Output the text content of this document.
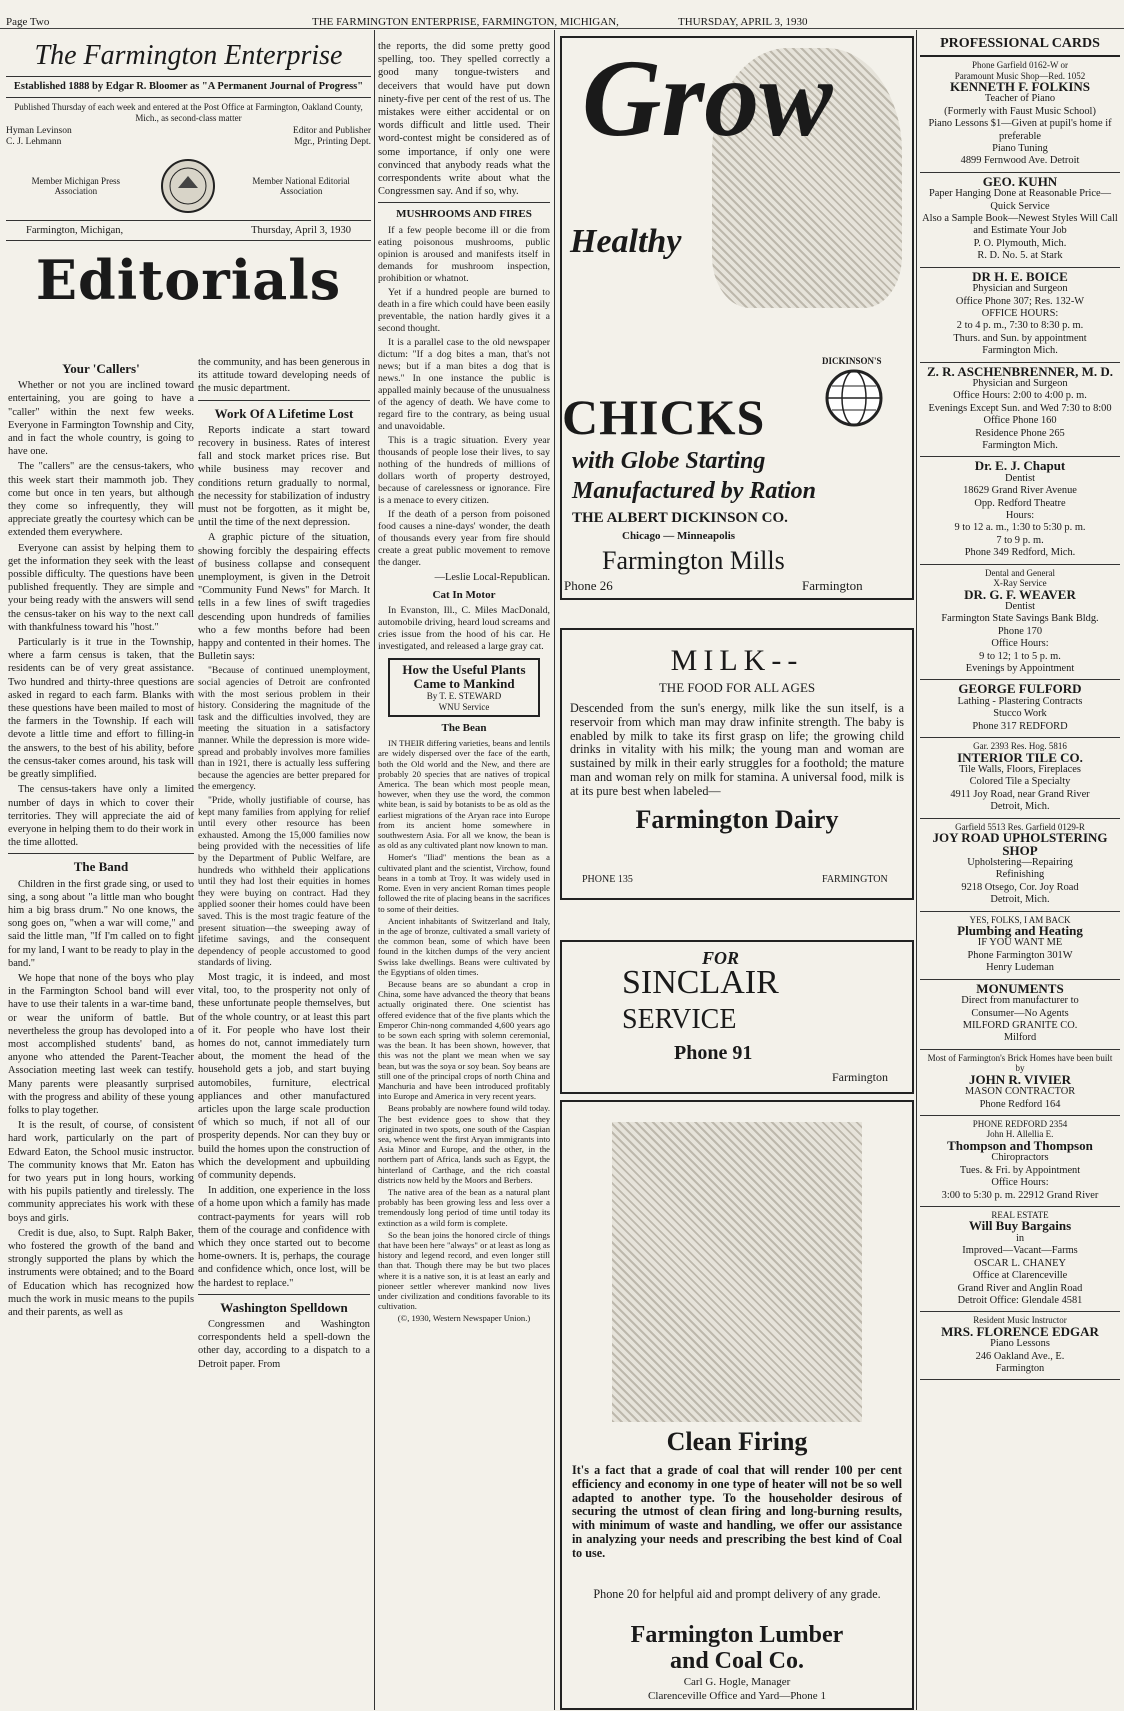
Page Two	THE FARMINGTON ENTERPRISE, FARMINGTON, MICHIGAN,	THURSDAY, APRIL 3, 1930
The Farmington Enterprise
Established 1888 by Edgar R. Bloomer as "A Permanent Journal of Progress"
Published Thursday of each week and entered at the Post Office at Farmington, Oakland County, Mich., as second-class matter
Hyman Levinson	Editor and Publisher
C. J. Lehmann	Mgr., Printing Dept.
Member Michigan Press Association
Member National Editorial Association
Farmington, Michigan,	Thursday, April 3, 1930
Editorials
Your 'Callers'

Whether or not you are inclined toward entertaining, you are going to have a "caller" within the next few weeks. Everyone in Farmington Township and City, and in fact the whole country, is going to have one.

The "callers" are the census-takers, who this week start their mammoth job. They come but once in ten years, but although they come so infrequently, they will appreciate greatly the courtesy which can be extended them everywhere.

Everyone can assist by helping them to get the information they seek with the least possible difficulty. The questions have been published frequently. They are simple and your being ready with the answers will send the census-taker on his way to the next call with thankfulness toward his "host."

Particularly is it true in the Township, where a farm census is taken, that the residents can be of very great assistance. Two hundred and thirty-three questions are asked in regard to each farm. Blanks with these questions have been mailed to most of the farmers in the Township. If each will devote a little time and effort to filling-in the answers, to the best of his ability, before the census-taker comes around, his task will be greatly simplified.

The census-takers have only a limited number of days in which to cover their territories. They will appreciate the aid of everyone in helping them to do their work in the time allotted.

The Band

Children in the first grade sing, or used to sing, a song about "a little man who bought him a big brass drum." No one knows, the song goes on, "when a war will come," and said the little man, "If I'm called on to fight for my land, I want to be ready to play in the band."

We hope that none of the boys who play in the Farmington School band will ever have to use their talents in a war-time band, or wear the uniform of battle. But nevertheless the group has devoloped into a most accomplished students' band, as anyone who attended the Parent-Teacher Association meeting last week can testify. Many parents were pleasantly surprised with the progress and ability of these young folks to play together.

It is the result, of course, of consistent hard work, particularly on the part of Edward Eaton, the School music instructor. The community knows that Mr. Eaton has for two years put in long hours, working with his pupils patiently and tirelessly. The community appreciates his work with these boys and girls.

Credit is due, also, to Supt. Ralph Baker, who fostered the growth of the band and strongly supported the plans by which the instruments were obtained; and to the Board of Education which has recognized how much the work in music means to the pupils and their parents, as well as

the community, and has been generous in its attitude toward developing needs of the music department.

Work Of A Lifetime Lost

Reports indicate a start toward recovery in business. Rates of interest fall and stock market prices rise. But while business may recover and conditions return gradually to normal, the necessity for stabilization of industry must not be forgotten, as it might be, until the time of the next depression.

A graphic picture of the situation, showing forcibly the despairing effects of business collapse and consequent unemployment, is given in the Detroit "Community Fund News" for March. It tells in a few lines of swift tragedies descending upon hundreds of families who a few months before had been happy and contented in their homes. The Bulletin says:

"Because of continued unemployment, social agencies of Detroit are confronted with the most serious problem in their history. Considering the magnitude of the task and the difficulties involved, they are meeting the situation in a satisfactory manner. While the depression is more wide-spread and probably involves more families than in 1921, there is actually less suffering because the agencies are better prepared for the emergency.

"Pride, wholly justifiable of course, has kept many families from applying for relief until every other resource has been exhausted. Among the 15,000 families now being provided with the necessities of life by the Department of Public Welfare, are hundreds who withheld their applications until they had lost their equities in homes they were buying on contract. Had they applied sooner their homes could have been saved. This is the most tragic feature of the present situation—the sweeping away of lifetime savings, and the consequent dependency of people accustomed to good standards of living.

Most tragic, it is indeed, and most vital, too, to the prosperity not only of these unfortunate people themselves, but of the whole country, or at least this part of it. For people who have lost their homes do not, cannot immediately turn about, the moment the head of the household gets a job, and start buying automobiles, furniture, electrical appliances and other manufactured articles upon the large scale production of which so much, if not all of our prosperity depends. Nor can they buy or build the homes upon the construction of which the development and upbuilding of community depends.

In addition, one experience in the loss of a home upon which a family has made contract-payments for years will rob them of the courage and confidence with which they once started out to become home-owners. It is, perhaps, the courage and confidence which, once lost, will be the hardest to replace."

Washington Spelldown

Congressmen and Washington correspondents held a spell-down the other day, according to a dispatch to a Detroit paper. From

the reports, the did some pretty good spelling, too. They spelled correctly a good many tongue-twisters and deceivers that would have put down ninety-five per cent of the rest of us. The mistakes were either accidental or on words difficult and little used. Their word-contest might be considered as of some importance, if only one were convinced that anybody reads what the correspondents write about what the Congressmen say. And if so, why.

MUSHROOMS AND FIRES

If a few people become ill or die from eating poisonous mushrooms, public opinion is aroused and manifests itself in demands for mushroom inspection, prohibition or whatnot.

Yet if a hundred people are burned to death in a fire which could have been easily preventable, the nation hardly gives it a second thought.

It is a parallel case to the old newspaper dictum: "If a dog bites a man, that's not news; but if a man bites a dog that is news." In one instance the public is appalled mainly because of the unusualness of the agency of death. We have come to regard fire to the contrary, as being usual and unavoidable.

This is a tragic situation. Every year thousands of people lose their lives, to say nothing of the hundreds of millions of dollars worth of property destroyed, because of carelessness or ignorance. Fire is a menace to every citizen.

If the death of a person from poisoned food causes a nine-days' wonder, the death of thousands every year from fire should create a great public movement to remove the danger.

—Leslie Local-Republican.
Cat In Motor

In Evanston, Ill., C. Miles MacDonald, automobile driving, heard loud screams and cries issue from the hood of his car. He investigated, and released a large gray cat.

How the Useful Plants Came to Mankind
By T. E. STEWARD
WNU Service
The Bean

IN THEIR differing varieties, beans and lentils are widely dispersed over the face of the earth, both the Old world and the New, and there are probably 20 species that are natives of tropical America. The bean which most people mean, however, when they use the word, the common white bean, is said by botanists to be as old as the earliest migrations of the Aryan race into Europe from its ancient home somewhere in southwestern Asia. For all we know, the bean is as old as any cultivated plant now known to man.

Homer's "Iliad" mentions the bean as a cultivated plant and the scientist, Virchow, found beans in a tomb at Troy. It was widely used in Rome. Even in very ancient Roman times people followed the rite of placing beans in the sacrifices to some of their deities.

Ancient inhabitants of Switzerland and Italy, in the age of bronze, cultivated a small variety of the common bean, some of which have been found in the kitchen dumps of the very ancient Swiss lake dwellings. Beans were cultivated by the Egyptians of olden times.

Because beans are so abundant a crop in China, some have advanced the theory that beans actually originated there. One scientist has offered evidence that of the five plants which the Emperor Chin-nong commanded 4,600 years ago to be sown each spring with solemn ceremonial, was the bean. It has been shown, however, that this was not the plant we mean when we say bean, but was the soya or soy bean. Soy beans are still one of the principal crops of north China and Manchuria and have been introduced profitably into Europe and America in very recent years.

Beans probably are nowhere found wild today. The best evidence goes to show that they originated in two spots, one south of the Caspian sea, whence went the first Aryan immigrants into Asia Minor and Europe, and the other, in the northern part of Africa, lands such as Egypt, the hinterland of Carthage, and the rich coastal districts now held by the Moors and Berbers.

The native area of the bean as a natural plant probably has been growing less and less over a tremendously long period of time until today its extinction as a wild form is complete.

So the bean joins the honored circle of things that have been here "always" or at least as long as history and legend record, and even longer still than that. Though there may be but two places where it is a native son, it is at least an early and pioneer settler wherever mankind now lives under civilization and conditions favorable to its cultivation.

(©, 1930, Western Newspaper Union.)
Grow
Healthy
DICKINSON'S
CHICKS
with Globe Starting
Manufactured by Ration
THE ALBERT DICKINSON CO.
Chicago — Minneapolis
Farmington Mills
Phone 26	Farmington
MILK--
THE FOOD FOR ALL AGES
Descended from the sun's energy, milk like the sun itself, is a reservoir from which man may draw infinite strength. The baby is enabled by milk to take its first grasp on life; the growing child drinks in vitality with his milk; the young man and woman are sustained by milk in their early struggles for a foothold; the mature man and woman rely on milk for stamina. A universal food, milk is at its pure best when labeled—
Farmington Dairy
PHONE 135	FARMINGTON
FOR
SINCLAIR
SERVICE
Phone 91
Farmington
Clean Firing
It's a fact that a grade of coal that will render 100 per cent efficiency and economy in one type of heater will not be so well adapted to another type. To the householder desirous of securing the utmost of clean firing and long-burning results, with minimum of waste and handling, we offer our assistance in analyzing your needs and prescribing the best kind of Coal to use.
Phone 20 for helpful aid and prompt delivery of any grade.
Farmington Lumber
and Coal Co.
Carl G. Hogle, Manager
Clarenceville Office and Yard—Phone 1
PROFESSIONAL CARDS
Phone Garfield 0162-W or
Paramount Music Shop—Red. 1052
KENNETH F. FOLKINS
Teacher of Piano
(Formerly with Faust Music School)
Piano Lessons $1—Given at pupil's home if preferable
Piano Tuning
4899 Fernwood Ave. Detroit
GEO. KUHN
Paper Hanging Done at Reasonable Price— Quick Service
Also a Sample Book—Newest Styles Will Call and Estimate Your Job
P. O. Plymouth, Mich.
R. D. No. 5. at Stark
DR H. E. BOICE
Physician and Surgeon
Office Phone 307; Res. 132-W
OFFICE HOURS:
2 to 4 p. m., 7:30 to 8:30 p. m.
Thurs. and Sun. by appointment
Farmington Mich.
Z. R. ASCHENBRENNER, M. D.
Physician and Surgeon
Office Hours: 2:00 to 4:00 p. m.
Evenings Except Sun. and Wed 7:30 to 8:00
Office Phone 160
Residence Phone 265
Farmington Mich.
Dr. E. J. Chaput
Dentist
18629 Grand River Avenue
Opp. Redford Theatre
Hours:
9 to 12 a. m., 1:30 to 5:30 p. m.
7 to 9 p. m.
Phone 349 Redford, Mich.
Dental and General
X-Ray Service
DR. G. F. WEAVER
Dentist
Farmington State Savings Bank Bldg.
Phone 170
Office Hours:
9 to 12; 1 to 5 p. m.
Evenings by Appointment
GEORGE FULFORD
Lathing - Plastering Contracts
Stucco Work
Phone 317 REDFORD
Gar. 2393 Res. Hog. 5816
INTERIOR TILE CO.
Tile Walls, Floors, Fireplaces
Colored Tile a Specialty
4911 Joy Road, near Grand River
Detroit, Mich.
Garfield 5513 Res. Garfield 0129-R
JOY ROAD UPHOLSTERING SHOP
Upholstering—Repairing
Refinishing
9218 Otsego, Cor. Joy Road
Detroit, Mich.
YES, FOLKS, I AM BACK
Plumbing and Heating
IF YOU WANT ME
Phone Farmington 301W
Henry Ludeman
MONUMENTS
Direct from manufacturer to
Consumer—No Agents
MILFORD GRANITE CO.
Milford
Most of Farmington's Brick Homes have been built by
JOHN R. VIVIER
MASON CONTRACTOR
Phone Redford 164
PHONE REDFORD 2354
John H. Allellia E.
Thompson and Thompson
Chiropractors
Tues. & Fri. by Appointment
Office Hours:
3:00 to 5:30 p. m. 22912 Grand River
REAL ESTATE
Will Buy Bargains
in
Improved—Vacant—Farms
OSCAR L. CHANEY
Office at Clarenceville
Grand River and Anglin Road
Detroit Office: Glendale 4581
Resident Music Instructor
MRS. FLORENCE EDGAR
Piano Lessons
246 Oakland Ave., E.
Farmington
